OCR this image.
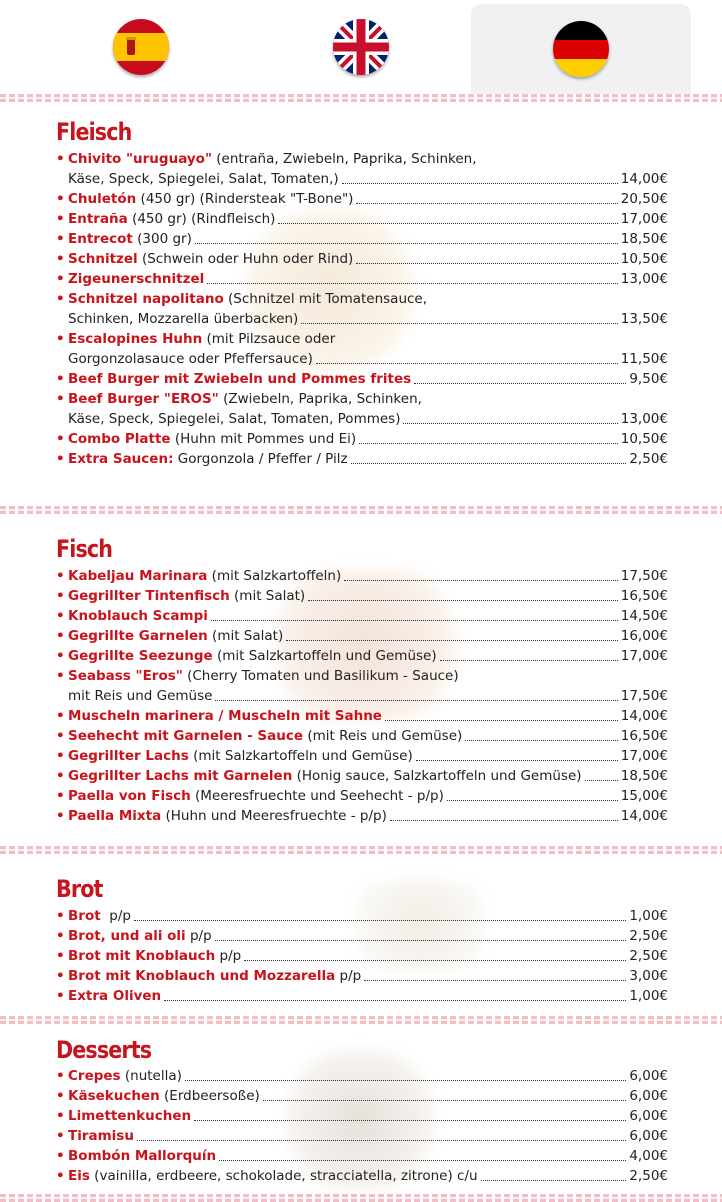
Fleisch
Fisch
Brot
Desserts
• Chivito "uruguayo" (entraña, Zwiebeln, Paprika, Schinken,
Käse, Speck, Spiegelei, Salat, Tomaten,)	14,00€
• Chuletón (450 gr) (Rindersteak "T-Bone")	20,50€
• Entraña (450 gr) (Rindfleisch)	17,00€
• Entrecot (300 gr)	18,50€
• Schnitzel (Schwein oder Huhn oder Rind)	10,50€
• Zigeunerschnitzel	13,00€
• Schnitzel napolitano (Schnitzel mit Tomatensauce,
Schinken, Mozzarella überbacken)	13,50€
• Escalopines Huhn (mit Pilzsauce oder
Gorgonzolasauce oder Pfeffersauce)	11,50€
• Beef Burger mit Zwiebeln und Pommes frites	9,50€
• Beef Burger "EROS" (Zwiebeln, Paprika, Schinken,
Käse, Speck, Spiegelei, Salat, Tomaten, Pommes)	13,00€
• Combo Platte (Huhn mit Pommes und Ei)	10,50€
• Extra Saucen: Gorgonzola / Pfeffer / Pilz	2,50€
• Kabeljau Marinara (mit Salzkartoffeln)	17,50€
• Gegrillter Tintenfisch (mit Salat)	16,50€
• Knoblauch Scampi	14,50€
• Gegrillte Garnelen (mit Salat)	16,00€
• Gegrillte Seezunge (mit Salzkartoffeln und Gemüse)	17,00€
• Seabass "Eros" (Cherry Tomaten und Basilikum - Sauce)
mit Reis und Gemüse	17,50€
• Muscheln marinera / Muscheln mit Sahne	14,00€
• Seehecht mit Garnelen - Sauce (mit Reis und Gemüse)	16,50€
• Gegrillter Lachs (mit Salzkartoffeln und Gemüse)	17,00€
• Gegrillter Lachs mit Garnelen (Honig sauce, Salzkartoffeln und Gemüse)	18,50€
• Paella von Fisch (Meeresfruechte und Seehecht - p/p)	15,00€
• Paella Mixta (Huhn und Meeresfruechte - p/p)	14,00€
• Brot p/p	1,00€
• Brot, und ali oli p/p	2,50€
• Brot mit Knoblauch p/p	2,50€
• Brot mit Knoblauch und Mozzarella p/p	3,00€
• Extra Oliven	1,00€
• Crepes (nutella)	6,00€
• Käsekuchen (Erdbeersoße)	6,00€
• Limettenkuchen	6,00€
• Tiramisu	6,00€
• Bombón Mallorquín	4,00€
• Eis (vainilla, erdbeere, schokolade, stracciatella, zitrone) c/u	2,50€
